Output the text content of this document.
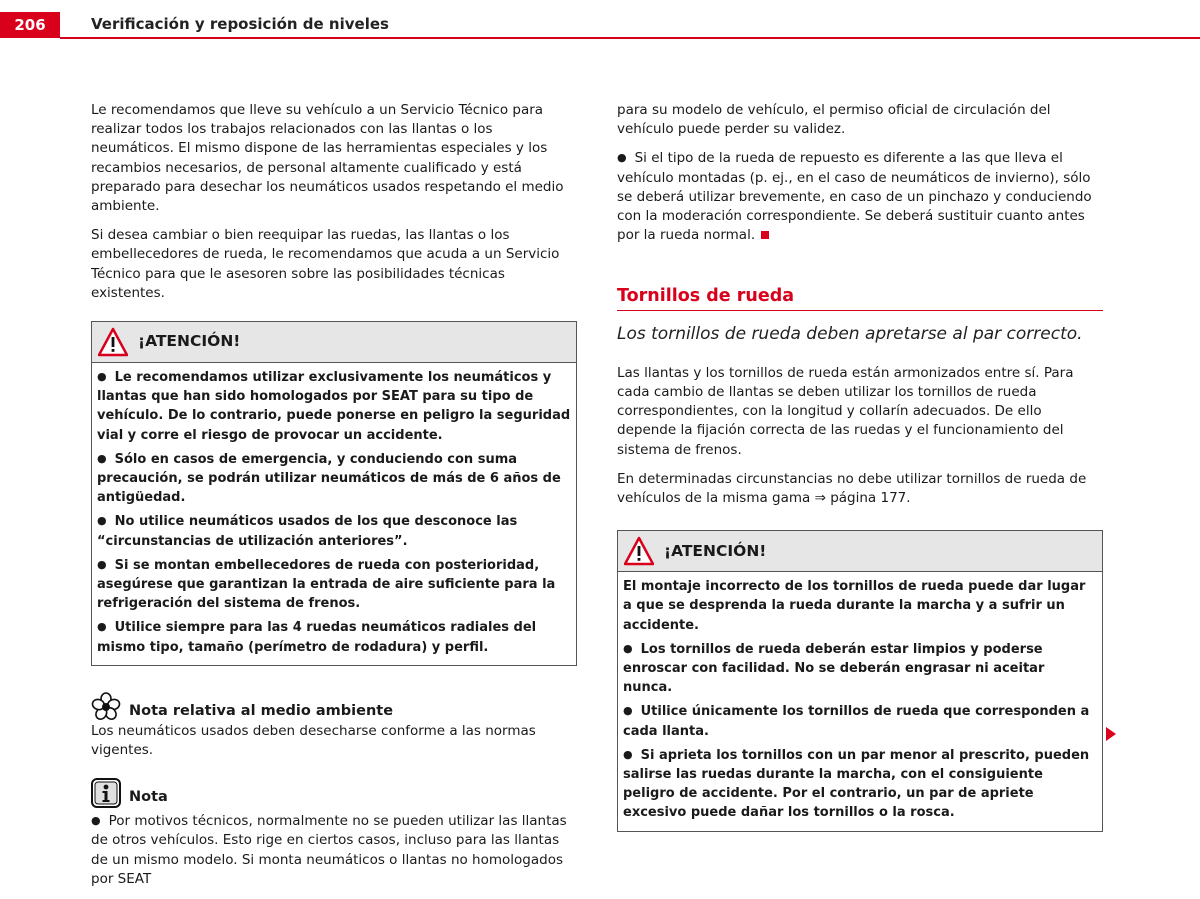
206	Verificación y reposición de niveles

Le recomendamos que lleve su vehículo a un Servicio Técnico para realizar todos los trabajos relacionados con las llantas o los neumáticos. El mismo dispone de las herramientas especiales y los recambios necesarios, de personal altamente cualificado y está preparado para desechar los neumáticos usados respetando el medio ambiente.

Si desea cambiar o bien reequipar las ruedas, las llantas o los embellecedores de rueda, le recomendamos que acuda a un Servicio Técnico para que le asesoren sobre las posibilidades técnicas existentes.

¡ATENCIÓN!

● Le recomendamos utilizar exclusivamente los neumáticos y llantas que han sido homologados por SEAT para su tipo de vehículo. De lo contrario, puede ponerse en peligro la seguridad vial y corre el riesgo de provocar un accidente.

● Sólo en casos de emergencia, y conduciendo con suma precaución, se podrán utilizar neumáticos de más de 6 años de antigüedad.

● No utilice neumáticos usados de los que desconoce las “circunstancias de utilización anteriores”.

● Si se montan embellecedores de rueda con posterioridad, asegúrese que garantizan la entrada de aire suficiente para la refrigeración del sistema de frenos.

● Utilice siempre para las 4 ruedas neumáticos radiales del mismo tipo, tamaño (perímetro de rodadura) y perfil.

Nota relativa al medio ambiente

Los neumáticos usados deben desecharse conforme a las normas vigentes.

Nota

● Por motivos técnicos, normalmente no se pueden utilizar las llantas de otros vehículos. Esto rige en ciertos casos, incluso para las llantas de un mismo modelo. Si monta neumáticos o llantas no homologados por SEAT

para su modelo de vehículo, el permiso oficial de circulación del vehículo puede perder su validez.

● Si el tipo de la rueda de repuesto es diferente a las que lleva el vehículo montadas (p. ej., en el caso de neumáticos de invierno), sólo se deberá utilizar brevemente, en caso de un pinchazo y conduciendo con la moderación correspondiente. Se deberá sustituir cuanto antes por la rueda normal.

Tornillos de rueda
Los tornillos de rueda deben apretarse al par correcto.

Las llantas y los tornillos de rueda están armonizados entre sí. Para cada cambio de llantas se deben utilizar los tornillos de rueda correspondientes, con la longitud y collarín adecuados. De ello depende la fijación correcta de las ruedas y el funcionamiento del sistema de frenos.

En determinadas circunstancias no debe utilizar tornillos de rueda de vehículos de la misma gama ⇒ página 177.

¡ATENCIÓN!

El montaje incorrecto de los tornillos de rueda puede dar lugar a que se desprenda la rueda durante la marcha y a sufrir un accidente.

● Los tornillos de rueda deberán estar limpios y poderse enroscar con facilidad. No se deberán engrasar ni aceitar nunca.

● Utilice únicamente los tornillos de rueda que corresponden a cada llanta.

● Si aprieta los tornillos con un par menor al prescrito, pueden salirse las ruedas durante la marcha, con el consiguiente peligro de accidente. Por el contrario, un par de apriete excesivo puede dañar los tornillos o la rosca.
